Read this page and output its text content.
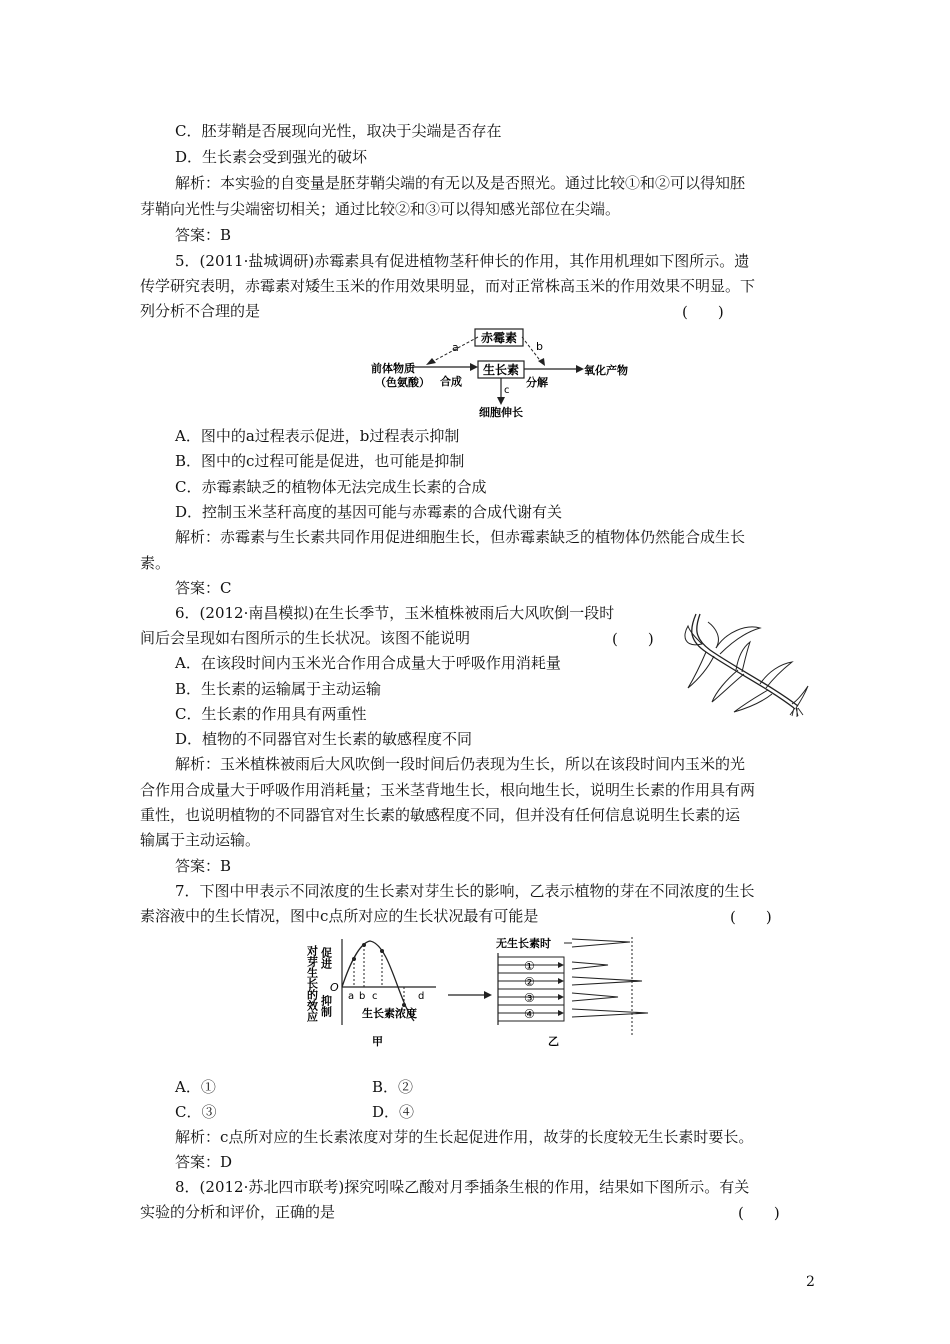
C．胚芽鞘是否展现向光性，取决于尖端是否存在
D．生长素会受到强光的破坏
解析：本实验的自变量是胚芽鞘尖端的有无以及是否照光。通过比较①和②可以得知胚
芽鞘向光性与尖端密切相关；通过比较②和③可以得知感光部位在尖端。
答案：B
5．(2011·盐城调研)赤霉素具有促进植物茎秆伸长的作用，其作用机理如下图所示。遗
传学研究表明，赤霉素对矮生玉米的作用效果明显，而对正常株高玉米的作用效果不明显。下
列分析不合理的是	(　　)
赤霉素
a	b
生长素
前体物质
（色氨酸） 合成	分解
氧化产物
c
细胞伸长
A．图中的a过程表示促进，b过程表示抑制
B．图中的c过程可能是促进，也可能是抑制
C．赤霉素缺乏的植物体无法完成生长素的合成
D．控制玉米茎秆高度的基因可能与赤霉素的合成代谢有关
解析：赤霉素与生长素共同作用促进细胞生长，但赤霉素缺乏的植物体仍然能合成生长
素。
答案：C
6．(2012·南昌模拟)在生长季节，玉米植株被雨后大风吹倒一段时
间后会呈现如右图所示的生长状况。该图不能说明	(　　)
A．在该段时间内玉米光合作用合成量大于呼吸作用消耗量
B．生长素的运输属于主动运输
C．生长素的作用具有两重性
D．植物的不同器官对生长素的敏感程度不同
解析：玉米植株被雨后大风吹倒一段时间后仍表现为生长，所以在该段时间内玉米的光
合作用合成量大于呼吸作用消耗量；玉米茎背地生长，根向地生长，说明生长素的作用具有两
重性，也说明植物的不同器官对生长素的敏感程度不同，但并没有任何信息说明生长素的运
输属于主动运输。
答案：B
7．下图中甲表示不同浓度的生长素对芽生长的影响，乙表示植物的芽在不同浓度的生长
素溶液中的生长情况，图中c点所对应的生长状况最有可能是	(　　)
对芽生长的效应 促进
抑制
O
a b c	d
生长素浓度
甲
无生长素时
①
②
③
④
乙
A．①	B．②
C．③	D．④
解析：c点所对应的生长素浓度对芽的生长起促进作用，故芽的长度较无生长素时要长。
答案：D
8．(2012·苏北四市联考)探究吲哚乙酸对月季插条生根的作用，结果如下图所示。有关
实验的分析和评价，正确的是	(　　)
2
